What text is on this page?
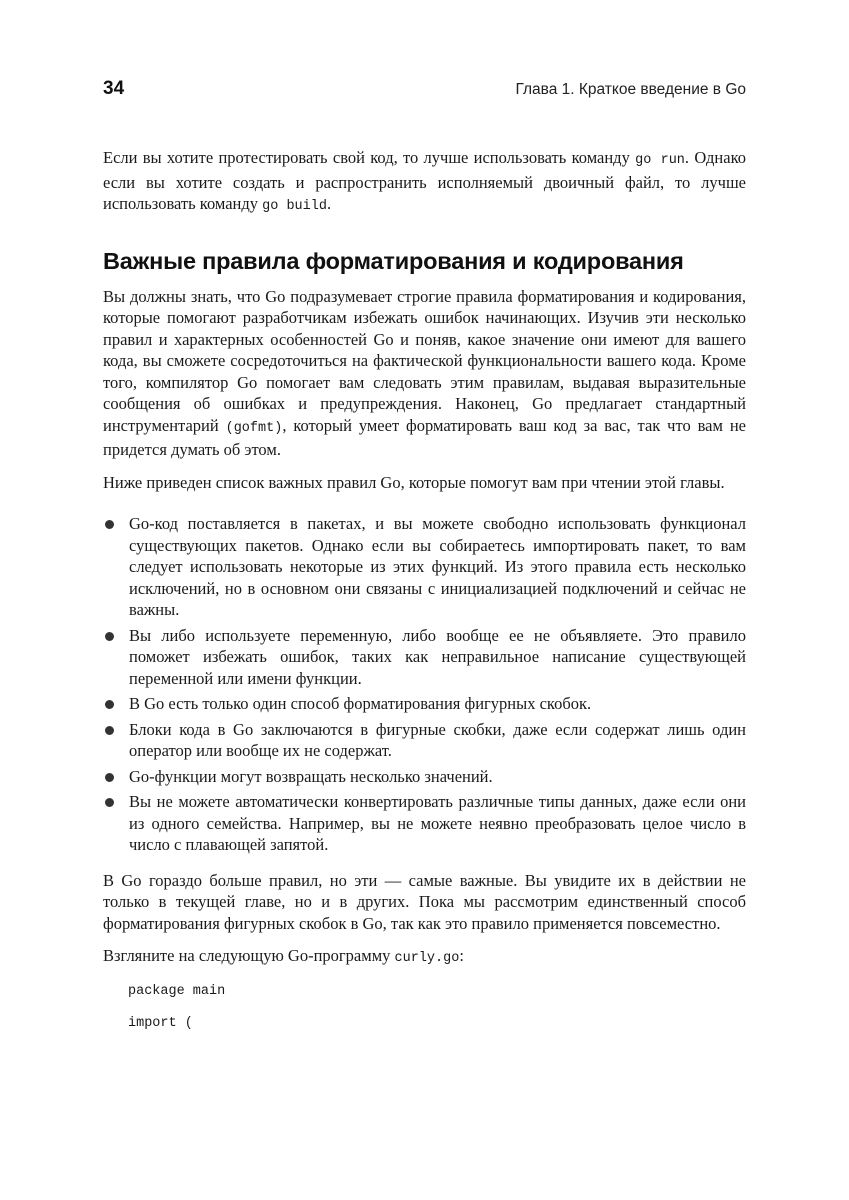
34	Глава 1. Краткое введение в Go

Если вы хотите протестировать свой код, то лучше использовать команду go run. Однако если вы хотите создать и распространить исполняемый двоичный файл, то лучше использовать команду go build.

Важные правила форматирования и кодирования

Вы должны знать, что Go подразумевает строгие правила форматирования и кодирования, которые помогают разработчикам избежать ошибок начинающих. Изучив эти несколько правил и характерных особенностей Go и поняв, какое значение они имеют для вашего кода, вы сможете сосредоточиться на фактической функциональности вашего кода. Кроме того, компилятор Go помогает вам следовать этим правилам, выдавая выразительные сообщения об ошибках и предупреждения. Наконец, Go предлагает стандартный инструментарий (gofmt), который умеет форматировать ваш код за вас, так что вам не придется думать об этом.

Ниже приведен список важных правил Go, которые помогут вам при чтении этой главы.

Go-код поставляется в пакетах, и вы можете свободно использовать функционал существующих пакетов. Однако если вы собираетесь импортировать пакет, то вам следует использовать некоторые из этих функций. Из этого правила есть несколько исключений, но в основном они связаны с инициализацией подключений и сейчас не важны.
Вы либо используете переменную, либо вообще ее не объявляете. Это правило поможет избежать ошибок, таких как неправильное написание существующей переменной или имени функции.
В Go есть только один способ форматирования фигурных скобок.
Блоки кода в Go заключаются в фигурные скобки, даже если содержат лишь один оператор или вообще их не содержат.
Go-функции могут возвращать несколько значений.
Вы не можете автоматически конвертировать различные типы данных, даже если они из одного семейства. Например, вы не можете неявно преобразовать целое число в число с плавающей запятой.

В Go гораздо больше правил, но эти — самые важные. Вы увидите их в действии не только в текущей главе, но и в других. Пока мы рассмотрим единственный способ форматирования фигурных скобок в Go, так как это правило применяется повсеместно.

Взгляните на следующую Go-программу curly.go:

package main
import (
